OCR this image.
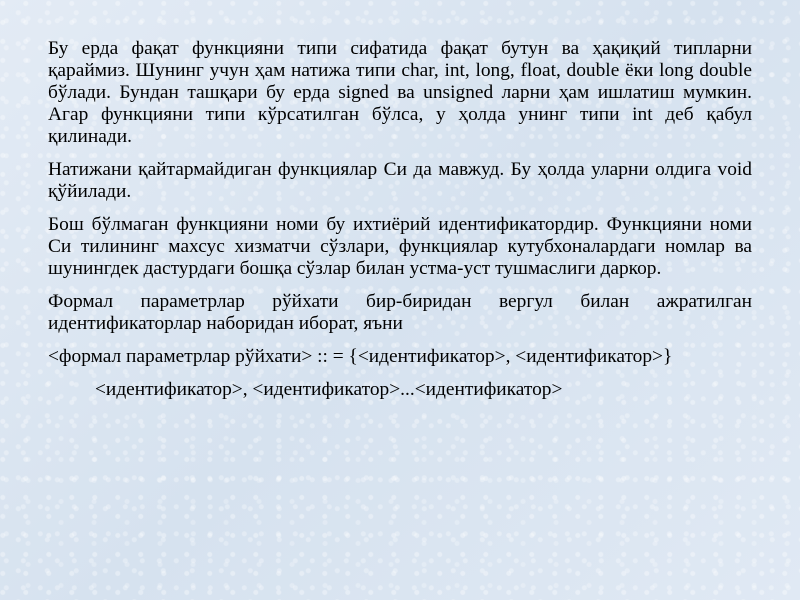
Бу ерда фақат функцияни типи сифатида фақат бутун ва ҳақиқий типларни қараймиз. Шунинг учун ҳам натижа типи char, int, long, float, double ёки long double бўлади. Бундан ташқари бу ерда signed ва unsigned ларни ҳам ишлатиш мумкин. Агар функцияни типи кўрсатилган бўлса, у ҳолда унинг типи int деб қабул қилинади.

Натижани қайтармайдиган функциялар Си да мавжуд. Бу ҳолда уларни олдига void қўйилади.

Бош бўлмаган функцияни номи бу ихтиёрий идентификатордир. Функцияни номи Си тилининг махсус хизматчи сўзлари, функциялар кутубхоналардаги номлар ва шунингдек дастурдаги бошқа сўзлар билан устма-уст тушмаслиги даркор.

Формал параметрлар рўйхати бир-биридан вергул билан ажратилган идентификаторлар наборидан иборат, яъни

<формал параметрлар рўйхати> :: = {<идентификатор>, <идентификатор>}

<идентификатор>, <идентификатор>...<идентификатор>
